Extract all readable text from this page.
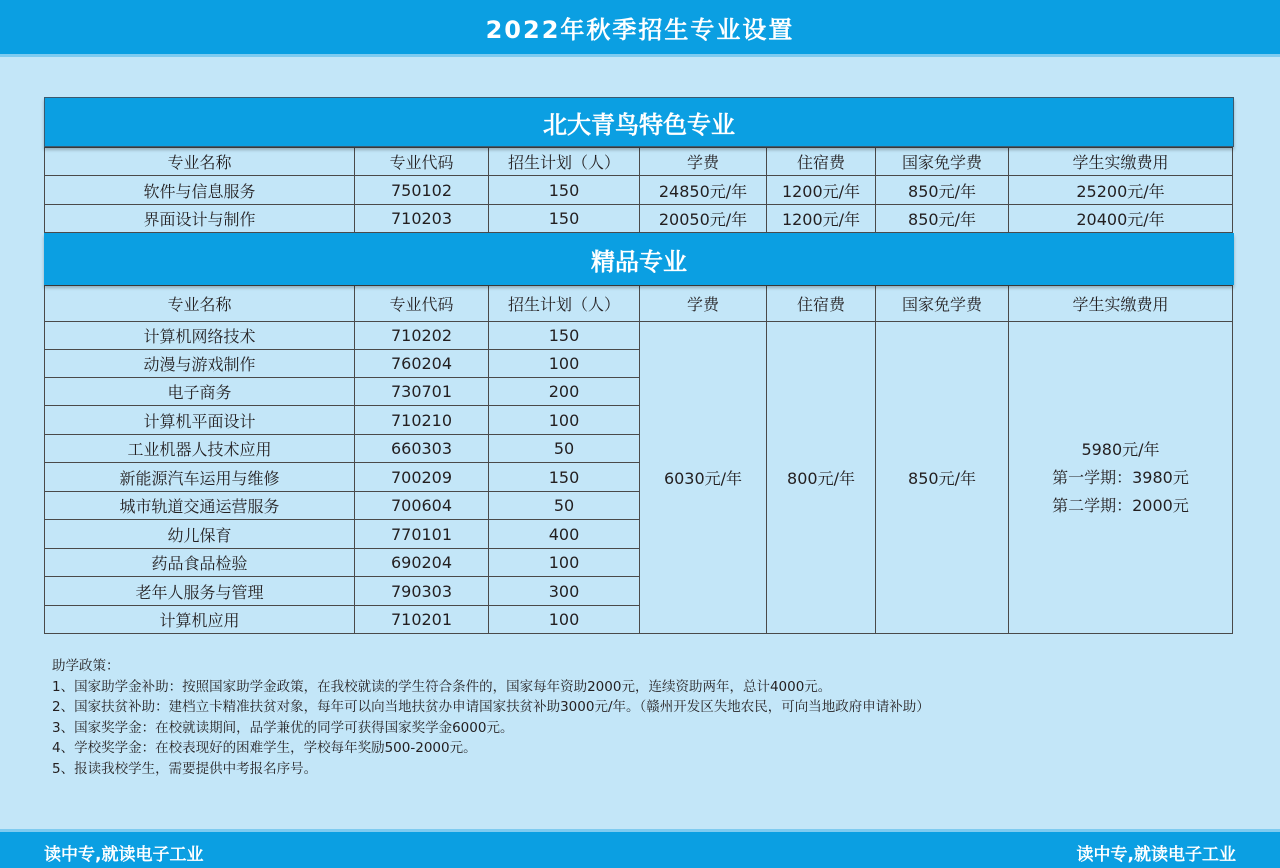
2022年秋季招生专业设置
北大青鸟特色专业
专业名称	专业代码	招生计划（人）	学费	住宿费	国家免学费	学生实缴费用
软件与信息服务	750102	150	24850元/年	1200元/年	850元/年	25200元/年
界面设计与制作	710203	150	20050元/年	1200元/年	850元/年	20400元/年
精品专业
专业名称	专业代码	招生计划（人）	学费	住宿费	国家免学费	学生实缴费用
计算机网络技术	710202	150	6030元/年	800元/年	850元/年	5980元/年
第一学期：3980元
第二学期：2000元

动漫与游戏制作	760204	100				
电子商务	730701	200				
计算机平面设计	710210	100				
工业机器人技术应用	660303	50				
新能源汽车运用与维修	700209	150				
城市轨道交通运营服务	700604	50				
幼儿保育	770101	400				
药品食品检验	690204	100				
老年人服务与管理	790303	300				
计算机应用	710201	100				
助学政策：
1、国家助学金补助：按照国家助学金政策，在我校就读的学生符合条件的，国家每年资助2000元，连续资助两年，总计4000元。
2、国家扶贫补助：建档立卡精准扶贫对象，每年可以向当地扶贫办申请国家扶贫补助3000元/年。（赣州开发区失地农民，可向当地政府申请补助）
3、国家奖学金：在校就读期间，品学兼优的同学可获得国家奖学金6000元。
4、学校奖学金：在校表现好的困难学生，学校每年奖励500-2000元。
5、报读我校学生，需要提供中考报名序号。
读中专,就读电子工业	读中专,就读电子工业
